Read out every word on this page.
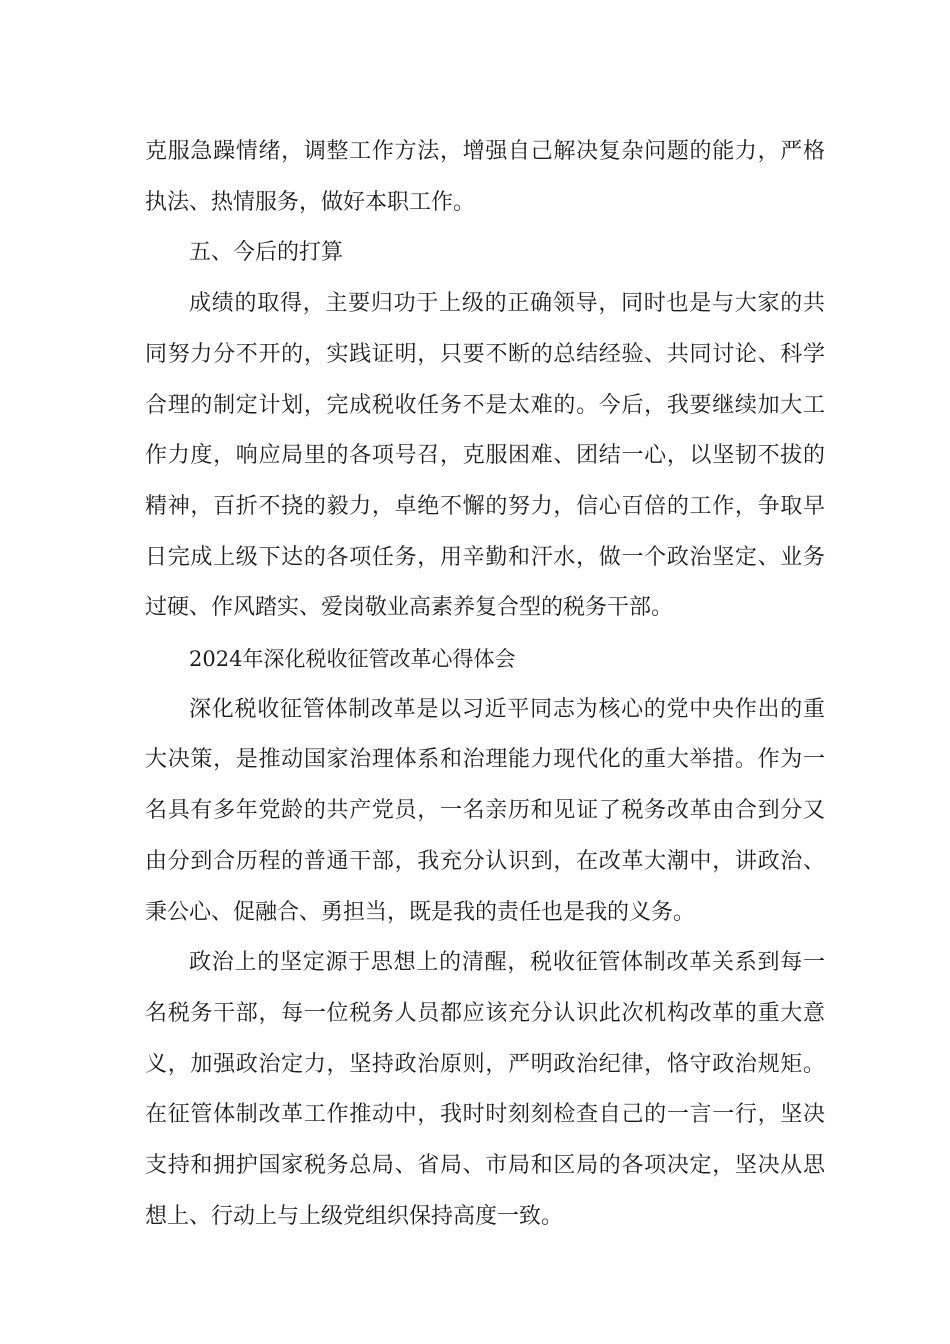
克服急躁情绪，调整工作方法，增强自己解决复杂问题的能力，严格执法、热情服务，做好本职工作。

五、今后的打算

成绩的取得，主要归功于上级的正确领导，同时也是与大家的共同努力分不开的，实践证明，只要不断的总结经验、共同讨论、科学合理的制定计划，完成税收任务不是太难的。今后，我要继续加大工作力度，响应局里的各项号召，克服困难、团结一心，以坚韧不拔的精神，百折不挠的毅力，卓绝不懈的努力，信心百倍的工作，争取早日完成上级下达的各项任务，用辛勤和汗水，做一个政治坚定、业务过硬、作风踏实、爱岗敬业高素养复合型的税务干部。

2024年深化税收征管改革心得体会

深化税收征管体制改革是以习近平同志为核心的党中央作出的重大决策，是推动国家治理体系和治理能力现代化的重大举措。作为一名具有多年党龄的共产党员，一名亲历和见证了税务改革由合到分又由分到合历程的普通干部，我充分认识到，在改革大潮中，讲政治、秉公心、促融合、勇担当，既是我的责任也是我的义务。

政治上的坚定源于思想上的清醒，税收征管体制改革关系到每一名税务干部，每一位税务人员都应该充分认识此次机构改革的重大意义，加强政治定力，坚持政治原则，严明政治纪律，恪守政治规矩。在征管体制改革工作推动中，我时时刻刻检查自己的一言一行，坚决支持和拥护国家税务总局、省局、市局和区局的各项决定，坚决从思想上、行动上与上级党组织保持高度一致。
